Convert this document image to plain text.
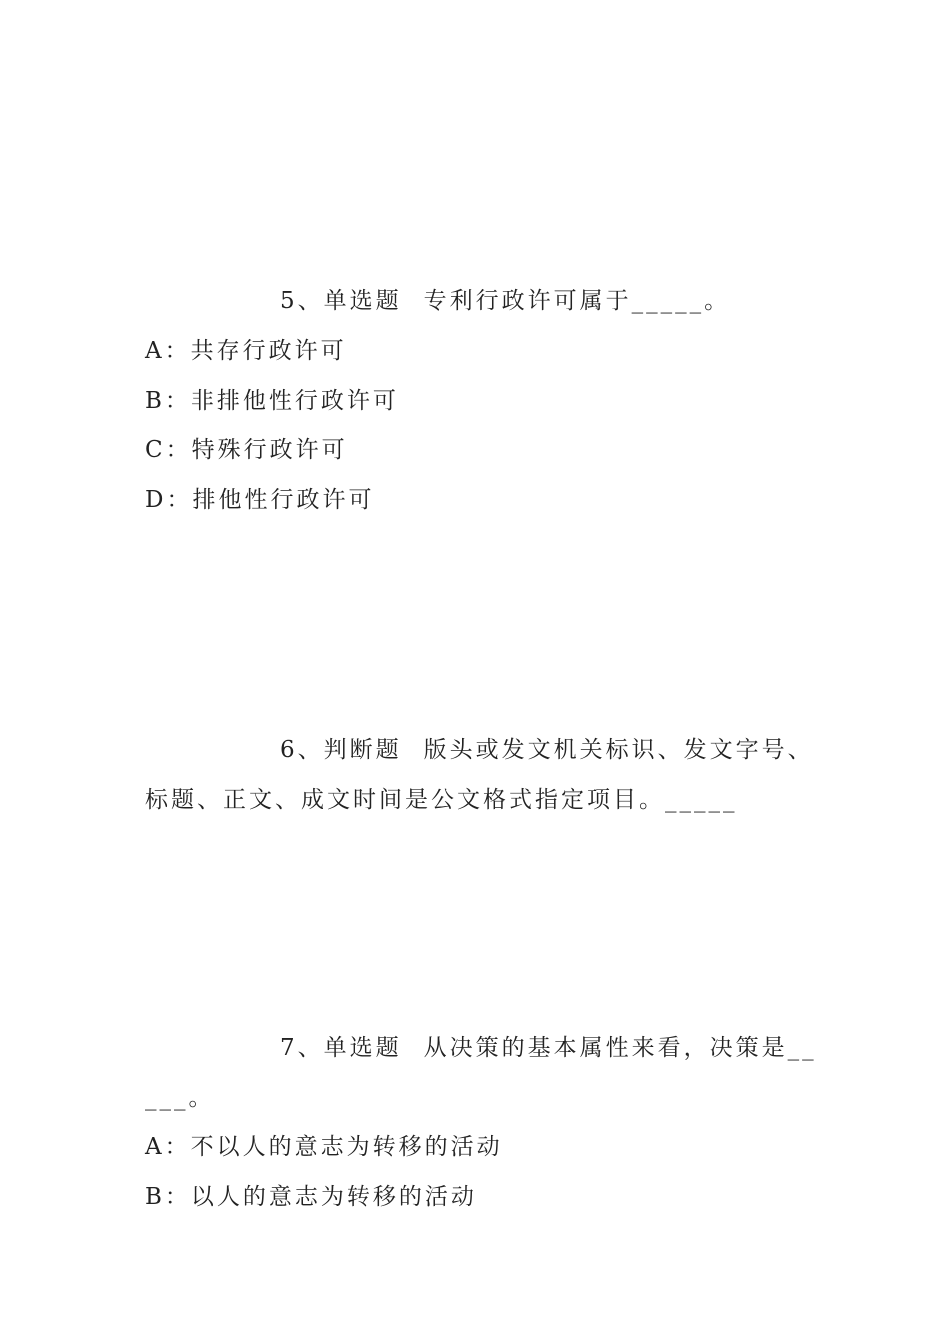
5、单选题 专利行政许可属于_____。
A：共存行政许可
B：非排他性行政许可
C：特殊行政许可
D：排他性行政许可
6、判断题 版头或发文机关标识、发文字号、
标题、正文、成文时间是公文格式指定项目。_____
7、单选题 从决策的基本属性来看，决策是__
___。
A：不以人的意志为转移的活动
B：以人的意志为转移的活动
